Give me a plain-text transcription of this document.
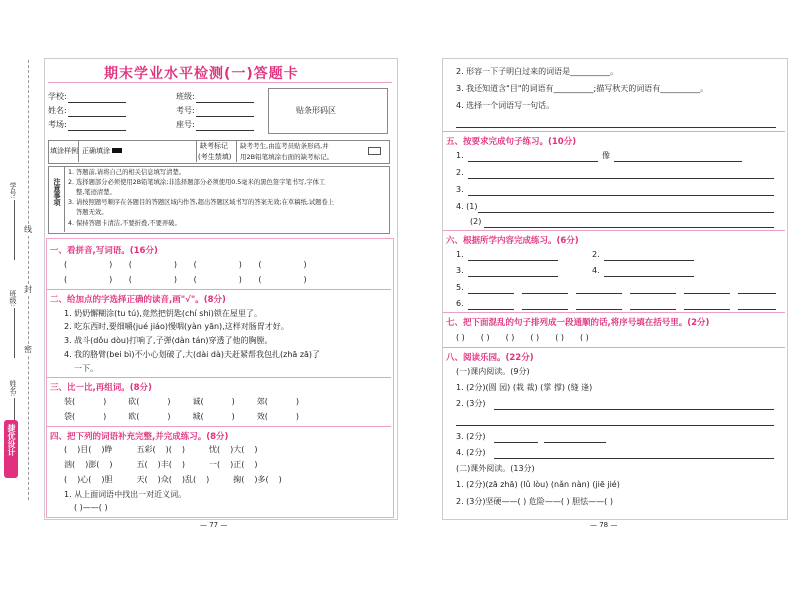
学号:
班级:
姓名:
线
封
密
捷优设计
期末学业水平检测(一)答题卡
学校:	班级:
姓名:	考号:
考场:	座号:
贴条形码区
填涂样例 正确填涂
缺考标记
(考生禁填)
缺考考生,由监考员贴条形码,并
用2B铅笔填涂右面的缺考标记。
注意事项
1. 答题前,请将自己的相关信息填写清楚。
2. 选择题部分必须使用2B铅笔填涂;非选择题部分必须使用0.5毫米的黑色签字笔书写,字体工
整,笔迹清楚。
3. 请按照题号顺序在各题目的答题区域内作答,超出答题区域书写的答案无效;在草稿纸,试题卷上
答题无效。
4. 保持答题卡清洁,不要折叠,不要弄破。
一、看拼音,写词语。(16分)
(	) (	) (	) (	)
(	) (	) (	) (	)
二、给加点的字选择正确的读音,画"√"。(8分)
1. 奶奶懈糊涂(tu tú),竟然把钥匙(chí shi)锁在屋里了。
2. 吃东西时,要细嚼(jué jiáo)慢咽(yàn yān),这样对肠胃才好。
3. 战斗(dǒu dòu)打响了,子弹(dàn tán)穿透了他的胸膛。
4. 我的胳臂(bei bì)不小心划破了,大(dài dà)夫赶紧帮我包扎(zhā zā)了
一下。
三、比一比,再组词。(8分)
装(	)	砍(	)	诚(	)	郊(	)
袋(	)	欧(	)	城(	)	效(	)
四、把下列的词语补充完整,并完成练习。(8分)
( )目( )睁	五彩( )( )	忧( )大( )
汹( )澎( )	五( )丰( )	一( )正( )
( )心( )胆	天( )众( )乱( )	掬( )多( )
1. 从上面词语中找出一对近义词。
( )——( )
— 77 —
2. 形容一下子明白过来的词语是__________。
3. 我还知道含"目"的词语有__________;描写秋天的词语有__________。
4. 选择一个词语写一句话。
五、按要求完成句子练习。(10分)
1.	像
2.
3.
4. (1)
(2)
六、根据所学内容完成练习。(6分)
1.	2.
3.	4.
5.
6.
七、把下面混乱的句子排列成一段通顺的话,将序号填在括号里。(2分)
( ) ( ) ( ) ( ) ( ) ( )
八、阅读乐园。(22分)
(一)课内阅读。(9分)
1. (2分)(圆 园) (栽 裁) (掌 撑) (缝 逢)
2. (3分)
3. (2分)
4. (2分)
(二)课外阅读。(13分)
1. (2分)(zā zhā) (lǔ lòu) (nǎn nàn) (jiē jié)
2. (3分)坚硬——( ) 危险——( ) 胆怯——( )
— 78 —
